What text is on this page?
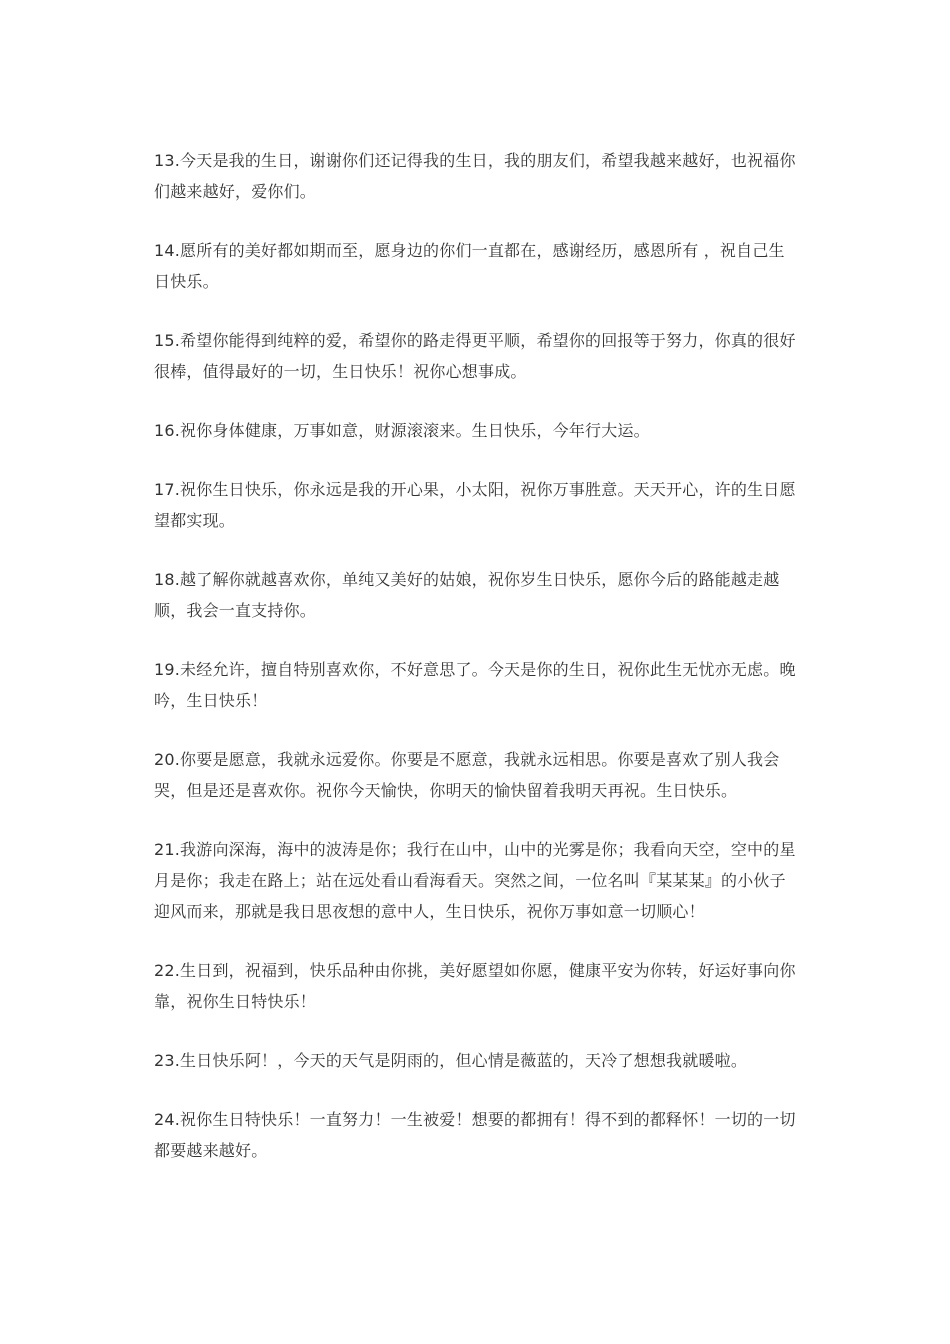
13.今天是我的生日，谢谢你们还记得我的生日，我的朋友们，希望我越来越好，也祝福你们越来越好，爱你们。

14.愿所有的美好都如期而至，愿身边的你们一直都在，感谢经历，感恩所有 ，祝自己生日快乐。

15.希望你能得到纯粹的爱，希望你的路走得更平顺，希望你的回报等于努力，你真的很好很棒，值得最好的一切，生日快乐！祝你心想事成。

16.祝你身体健康，万事如意，财源滚滚来。生日快乐，今年行大运。

17.祝你生日快乐，你永远是我的开心果，小太阳，祝你万事胜意。天天开心，许的生日愿望都实现。

18.越了解你就越喜欢你，单纯又美好的姑娘，祝你岁生日快乐，愿你今后的路能越走越顺，我会一直支持你。

19.未经允许，擅自特别喜欢你，不好意思了。今天是你的生日，祝你此生无忧亦无虑。晚吟，生日快乐！

20.你要是愿意，我就永远爱你。你要是不愿意，我就永远相思。你要是喜欢了别人我会哭，但是还是喜欢你。祝你今天愉快，你明天的愉快留着我明天再祝。生日快乐。

21.我游向深海，海中的波涛是你；我行在山中，山中的光雾是你；我看向天空，空中的星月是你；我走在路上；站在远处看山看海看天。突然之间，一位名叫『某某某』的小伙子迎风而来，那就是我日思夜想的意中人，生日快乐，祝你万事如意一切顺心！

22.生日到，祝福到，快乐品种由你挑，美好愿望如你愿，健康平安为你转，好运好事向你靠，祝你生日特快乐！

23.生日快乐阿！，今天的天气是阴雨的，但心情是薇蓝的，天冷了想想我就暖啦。

24.祝你生日特快乐！一直努力！一生被爱！想要的都拥有！得不到的都释怀！一切的一切都要越来越好。
